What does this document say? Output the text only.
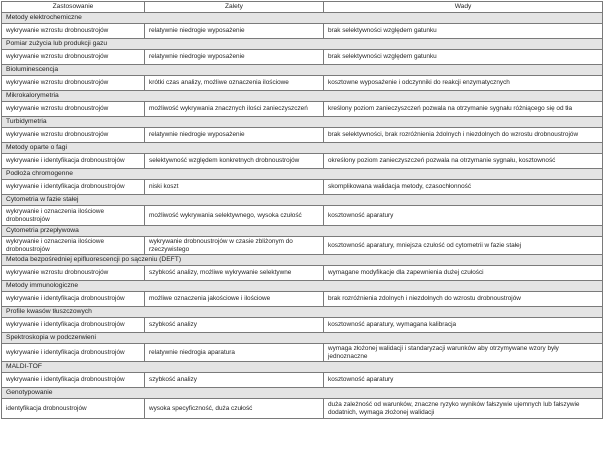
Zastosowanie	Zalety	Wady
Metody elektrochemiczne		
wykrywanie wzrostu drobnoustrojów	relatywnie niedrogie wyposażenie	brak selektywności względem gatunku
Pomiar zużycia lub produkcji gazu		
wykrywanie wzrostu drobnoustrojów	relatywnie niedrogie wyposażenie	brak selektywności względem gatunku
Bioluminescencja		
wykrywanie wzrostu drobnoustrojów	krótki czas analizy, możliwe oznaczenia ilościowe	kosztowne wyposażenie i odczynniki do reakcji enzymatycznych
Mikrokalorymetria		
wykrywanie wzrostu drobnoustrojów	możliwość wykrywania znacznych ilości zanieczyszczeń	kreślony poziom zanieczyszczeń pozwala na otrzymanie sygnału różniącego się od tła
Turbidymetria		
wykrywanie wzrostu drobnoustrojów	relatywnie niedrogie wyposażenie	brak selektywności, brak rozróżnienia żdolnych i niezdolnych do wzrostu drobnoustrojów
Metody oparte o fagi		
wykrywanie i identyfikacja drobnoustrojów	selektywność względem konkretnych drobnoustrojów	określony poziom zanieczyszczeń pozwala na otrzymanie sygnału, kosztowność
Podłoża chromogenne		
wykrywanie i identyfikacja drobnoustrojów	niski koszt	skomplikowana walidacja metody, czasochłonność
Cytometria w fazie stałej		
wykrywanie i oznaczenia ilościowe drobnoustrojów	możliwość wykrywania selektywnego, wysoka czułość	kosztowność aparatury
Cytometria przepływowa		
wykrywanie i oznaczenia ilościowe drobnoustrojów	wykrywanie drobnoustrojów w czasie zbliżonym do rzeczywistego	kosztowność aparatury, mniejsza czułość od cytometrii w fazie stałej
Metoda bezpośredniej epifluorescencji po sączeniu (DEFT)		
wykrywanie wzrostu drobnoustrojów	szybkość analizy, możliwe wykrywanie selektywne	wymagane modyfikacje dla zapewnienia dużej czułości
Metody immunologiczne		
wykrywanie i identyfikacja drobnoustrojów	możliwe oznaczenia jakościowe i ilościowe	brak rozróżnienia zdolnych i niezdolnych do wzrostu drobnoustrojów
Profile kwasów tłuszczowych		
wykrywanie i identyfikacja drobnoustrojów	szybkość analizy	kosztowność aparatury, wymagana kalibracja
Spektroskopia w podczerwieni		
wykrywanie i identyfikacja drobnoustrojów	relatywnie niedrogia aparatura	wymaga złożonej walidacji i standaryzacji warunków aby otrzymywane wzory były jednoznaczne
MALDI-TOF		
wykrywanie i identyfikacja drobnoustrojów	szybkość analizy	kosztowność aparatury
Genotypowanie		
identyfikacja drobnoustrojów	wysoka specyficzność, duża czułość	duża zależność od warunków, znaczne ryzyko wyników fałszywie ujemnych lub fałszywie dodatnich, wymaga złożonej walidacji
